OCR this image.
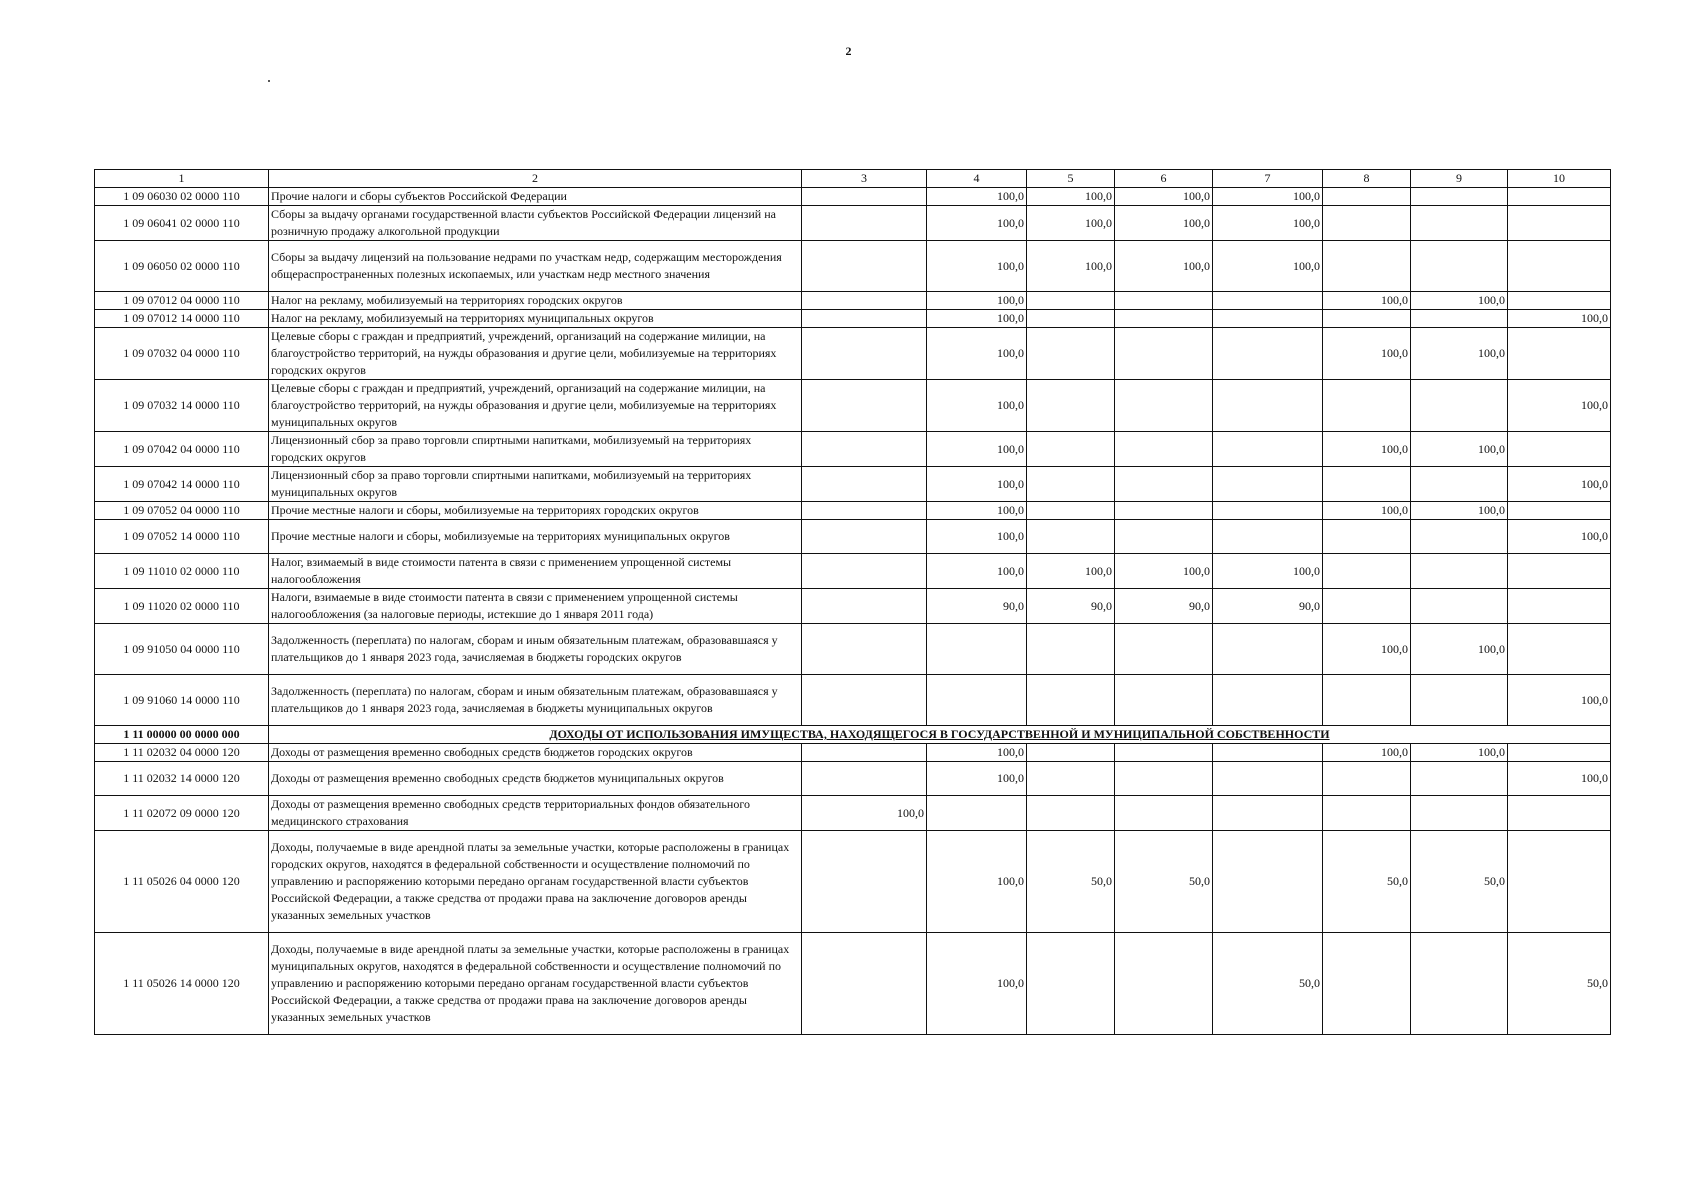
2
1	2	3	4	5	6	7	8	9	10
1 09 06030 02 0000 110	Прочие налоги и сборы субъектов Российской Федерации		100,0	100,0	100,0	100,0			
1 09 06041 02 0000 110	Сборы за выдачу органами государственной власти субъектов Российской Федерации лицензий на розничную продажу алкогольной продукции		100,0	100,0	100,0	100,0			
1 09 06050 02 0000 110	Сборы за выдачу лицензий на пользование недрами по участкам недр, содержащим месторождения общераспространенных полезных ископаемых, или участкам недр местного значения		100,0	100,0	100,0	100,0			
1 09 07012 04 0000 110	Налог на рекламу, мобилизуемый на территориях городских округов		100,0				100,0	100,0	
1 09 07012 14 0000 110	Налог на рекламу, мобилизуемый на территориях муниципальных округов		100,0						100,0
1 09 07032 04 0000 110	Целевые сборы с граждан и предприятий, учреждений, организаций на содержание милиции, на благоустройство территорий, на нужды образования и другие цели, мобилизуемые на территориях городских округов		100,0				100,0	100,0	
1 09 07032 14 0000 110	Целевые сборы с граждан и предприятий, учреждений, организаций на содержание милиции, на благоустройство территорий, на нужды образования и другие цели, мобилизуемые на территориях муниципальных округов		100,0						100,0
1 09 07042 04 0000 110	Лицензионный сбор за право торговли спиртными напитками, мобилизуемый на территориях городских округов		100,0				100,0	100,0	
1 09 07042 14 0000 110	Лицензионный сбор за право торговли спиртными напитками, мобилизуемый на территориях муниципальных округов		100,0						100,0
1 09 07052 04 0000 110	Прочие местные налоги и сборы, мобилизуемые на территориях городских округов		100,0				100,0	100,0	
1 09 07052 14 0000 110	Прочие местные налоги и сборы, мобилизуемые на территориях муниципальных округов		100,0						100,0
1 09 11010 02 0000 110	Налог, взимаемый в виде стоимости патента в связи с применением упрощенной системы налогообложения		100,0	100,0	100,0	100,0			
1 09 11020 02 0000 110	Налоги, взимаемые в виде стоимости патента в связи с применением упрощенной системы налогообложения (за налоговые периоды, истекшие до 1 января 2011 года)		90,0	90,0	90,0	90,0			
1 09 91050 04 0000 110	Задолженность (переплата) по налогам, сборам и иным обязательным платежам, образовавшаяся у плательщиков до 1 января 2023 года, зачисляемая в бюджеты городских округов						100,0	100,0	
1 09 91060 14 0000 110	Задолженность (переплата) по налогам, сборам и иным обязательным платежам, образовавшаяся у плательщиков до 1 января 2023 года, зачисляемая в бюджеты муниципальных округов								100,0
1 11 00000 00 0000 000	ДОХОДЫ ОТ ИСПОЛЬЗОВАНИЯ ИМУЩЕСТВА, НАХОДЯЩЕГОСЯ В ГОСУДАРСТВЕННОЙ И МУНИЦИПАЛЬНОЙ СОБСТВЕННОСТИ								
1 11 02032 04 0000 120	Доходы от размещения временно свободных средств бюджетов городских округов		100,0				100,0	100,0	
1 11 02032 14 0000 120	Доходы от размещения временно свободных средств бюджетов муниципальных округов		100,0						100,0
1 11 02072 09 0000 120	Доходы от размещения временно свободных средств территориальных фондов обязательного медицинского страхования	100,0							
1 11 05026 04 0000 120	Доходы, получаемые в виде арендной платы за земельные участки, которые расположены в границах городских округов, находятся в федеральной собственности и осуществление полномочий по управлению и распоряжению которыми передано органам государственной власти субъектов Российской Федерации, а также средства от продажи права на заключение договоров аренды указанных земельных участков		100,0	50,0	50,0		50,0	50,0	
1 11 05026 14 0000 120	Доходы, получаемые в виде арендной платы за земельные участки, которые расположены в границах муниципальных округов, находятся в федеральной собственности и осуществление полномочий по управлению и распоряжению которыми передано органам государственной власти субъектов Российской Федерации, а также средства от продажи права на заключение договоров аренды указанных земельных участков		100,0			50,0			50,0
